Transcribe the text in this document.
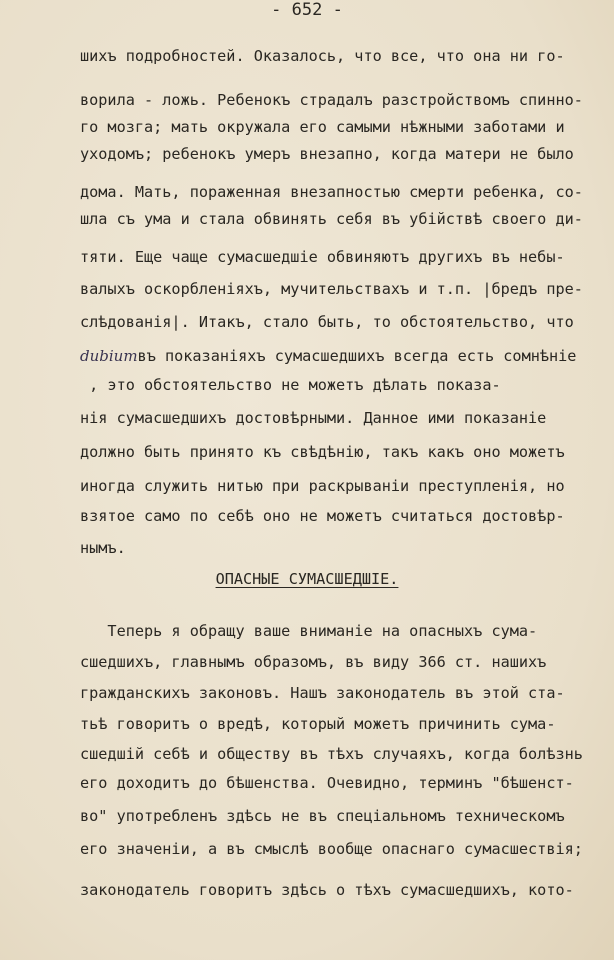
- 652 -
шихъ подробностей. Оказалось, что все, что она ни го-
ворила - ложь. Ребенокъ страдалъ разстройствомъ спинно-
го мозга; мать окружала его самыми нѣжными заботами и
уходомъ; ребенокъ умеръ внезапно, когда матери не было
дома. Мать, пораженная внезапностью смерти ребенка, со-
шла съ ума и стала обвинять себя въ убійствѣ своего ди-
тяти. Еще чаще сумасшедшіе обвиняютъ другихъ въ небы-
валыхъ оскорбленіяхъ, мучительствахъ и т.п. |бредъ пре-
слѣдованія|. Итакъ, стало быть, то обстоятельство, что
dubiumвъ показаніяхъ сумасшедшихъ всегда есть сомнѣніе
, это обстоятельство не можетъ дѣлать показа-
нія сумасшедшихъ достовѣрными. Данное ими показаніе
должно быть принято къ свѣдѣнію, такъ какъ оно можетъ
иногда служить нитью при раскрываніи преступленія, но
взятое само по себѣ оно не можетъ считаться достовѣр-
нымъ.
ОПАСНЫЕ СУМАСШЕДШІЕ.
Теперь я обращу ваше вниманіе на опасныхъ сума-
сшедшихъ, главнымъ образомъ, въ виду 366 ст. нашихъ
гражданскихъ законовъ. Нашъ законодатель въ этой ста-
тьѣ говоритъ о вредѣ, который можетъ причинить сума-
сшедшій себѣ и обществу въ тѣхъ случаяхъ, когда болѣзнь
его доходитъ до бѣшенства. Очевидно, терминъ "бѣшенст-
во" употребленъ здѣсь не въ спеціальномъ техническомъ
его значеніи, а въ смыслѣ вообще опаснаго сумасшествія;
законодатель говоритъ здѣсь о тѣхъ сумасшедшихъ, кото-
